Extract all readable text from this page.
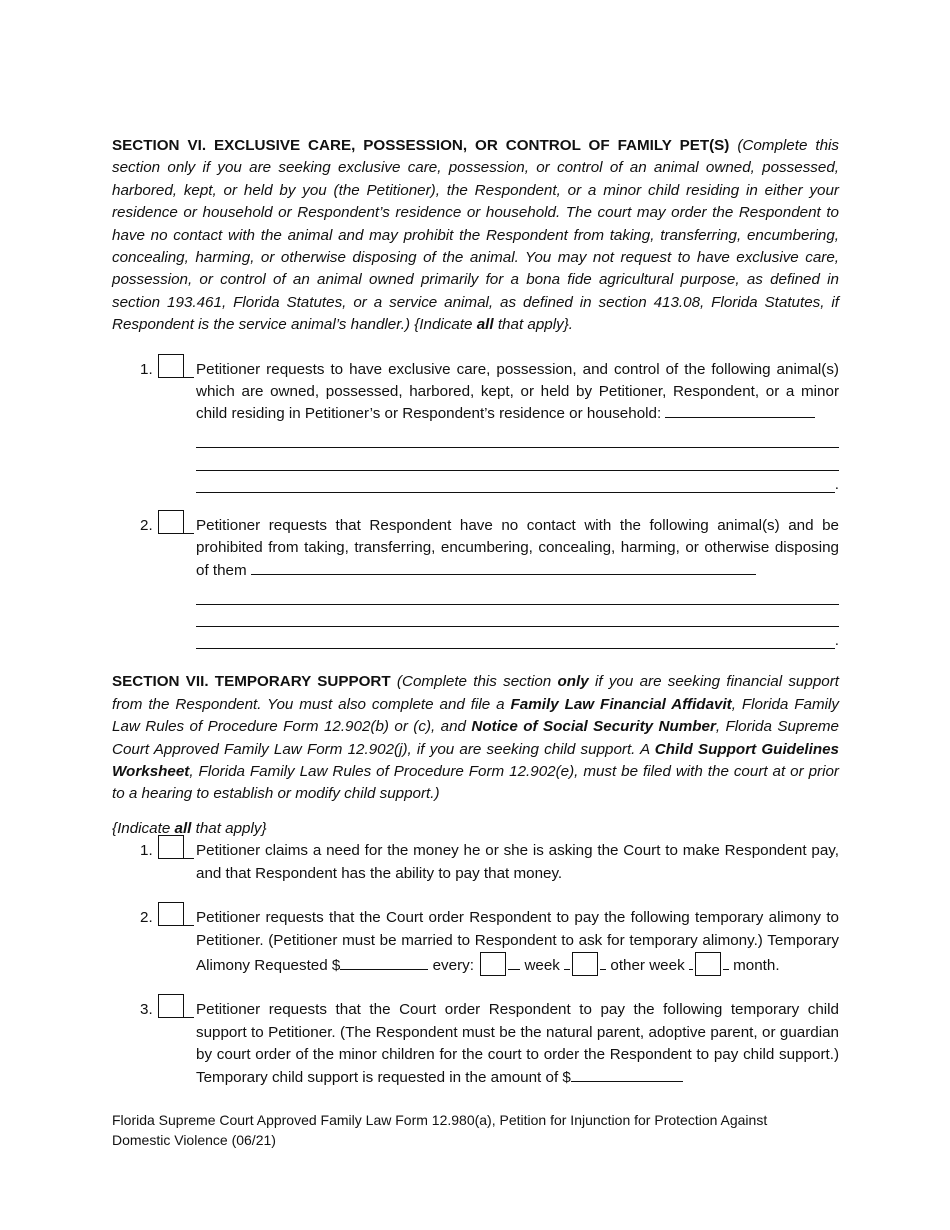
SECTION VI. EXCLUSIVE CARE, POSSESSION, OR CONTROL OF FAMILY PET(S) (Complete this section only if you are seeking exclusive care, possession, or control of an animal owned, possessed, harbored, kept, or held by you (the Petitioner), the Respondent, or a minor child residing in either your residence or household or Respondent’s residence or household. The court may order the Respondent to have no contact with the animal and may prohibit the Respondent from taking, transferring, encumbering, concealing, harming, or otherwise disposing of the animal. You may not request to have exclusive care, possession, or control of an animal owned primarily for a bona fide agricultural purpose, as defined in section 193.461, Florida Statutes, or a service animal, as defined in section 413.08, Florida Statutes, if Respondent is the service animal’s handler.) {Indicate all that apply}.

1.	Petitioner requests to have exclusive care, possession, and control of the following animal(s) which are owned, possessed, harbored, kept, or held by Petitioner, Respondent, or a minor child residing in Petitioner’s or Respondent’s residence or household:

.
2.	Petitioner requests that Respondent have no contact with the following animal(s) and be prohibited from taking, transferring, encumbering, concealing, harming, or otherwise disposing of them

.

SECTION VII. TEMPORARY SUPPORT (Complete this section only if you are seeking financial support from the Respondent. You must also complete and file a Family Law Financial Affidavit, Florida Family Law Rules of Procedure Form 12.902(b) or (c), and Notice of Social Security Number, Florida Supreme Court Approved Family Law Form 12.902(j), if you are seeking child support. A Child Support Guidelines Worksheet, Florida Family Law Rules of Procedure Form 12.902(e), must be filed with the court at or prior to a hearing to establish or modify child support.)

{Indicate all that apply}

1.	Petitioner claims a need for the money he or she is asking the Court to make Respondent pay, and that Respondent has the ability to pay that money.

2.	Petitioner requests that the Court order Respondent to pay the following temporary alimony to Petitioner. (Petitioner must be married to Respondent to ask for temporary alimony.) Temporary Alimony Requested $	every:	week	other week	month.

3.	Petitioner requests that the Court order Respondent to pay the following temporary child support to Petitioner. (The Respondent must be the natural parent, adoptive parent, or guardian by court order of the minor children for the court to order the Respondent to pay child support.) Temporary child support is requested in the amount of $

Florida Supreme Court Approved Family Law Form 12.980(a), Petition for Injunction for Protection Against
Domestic Violence (06/21)
